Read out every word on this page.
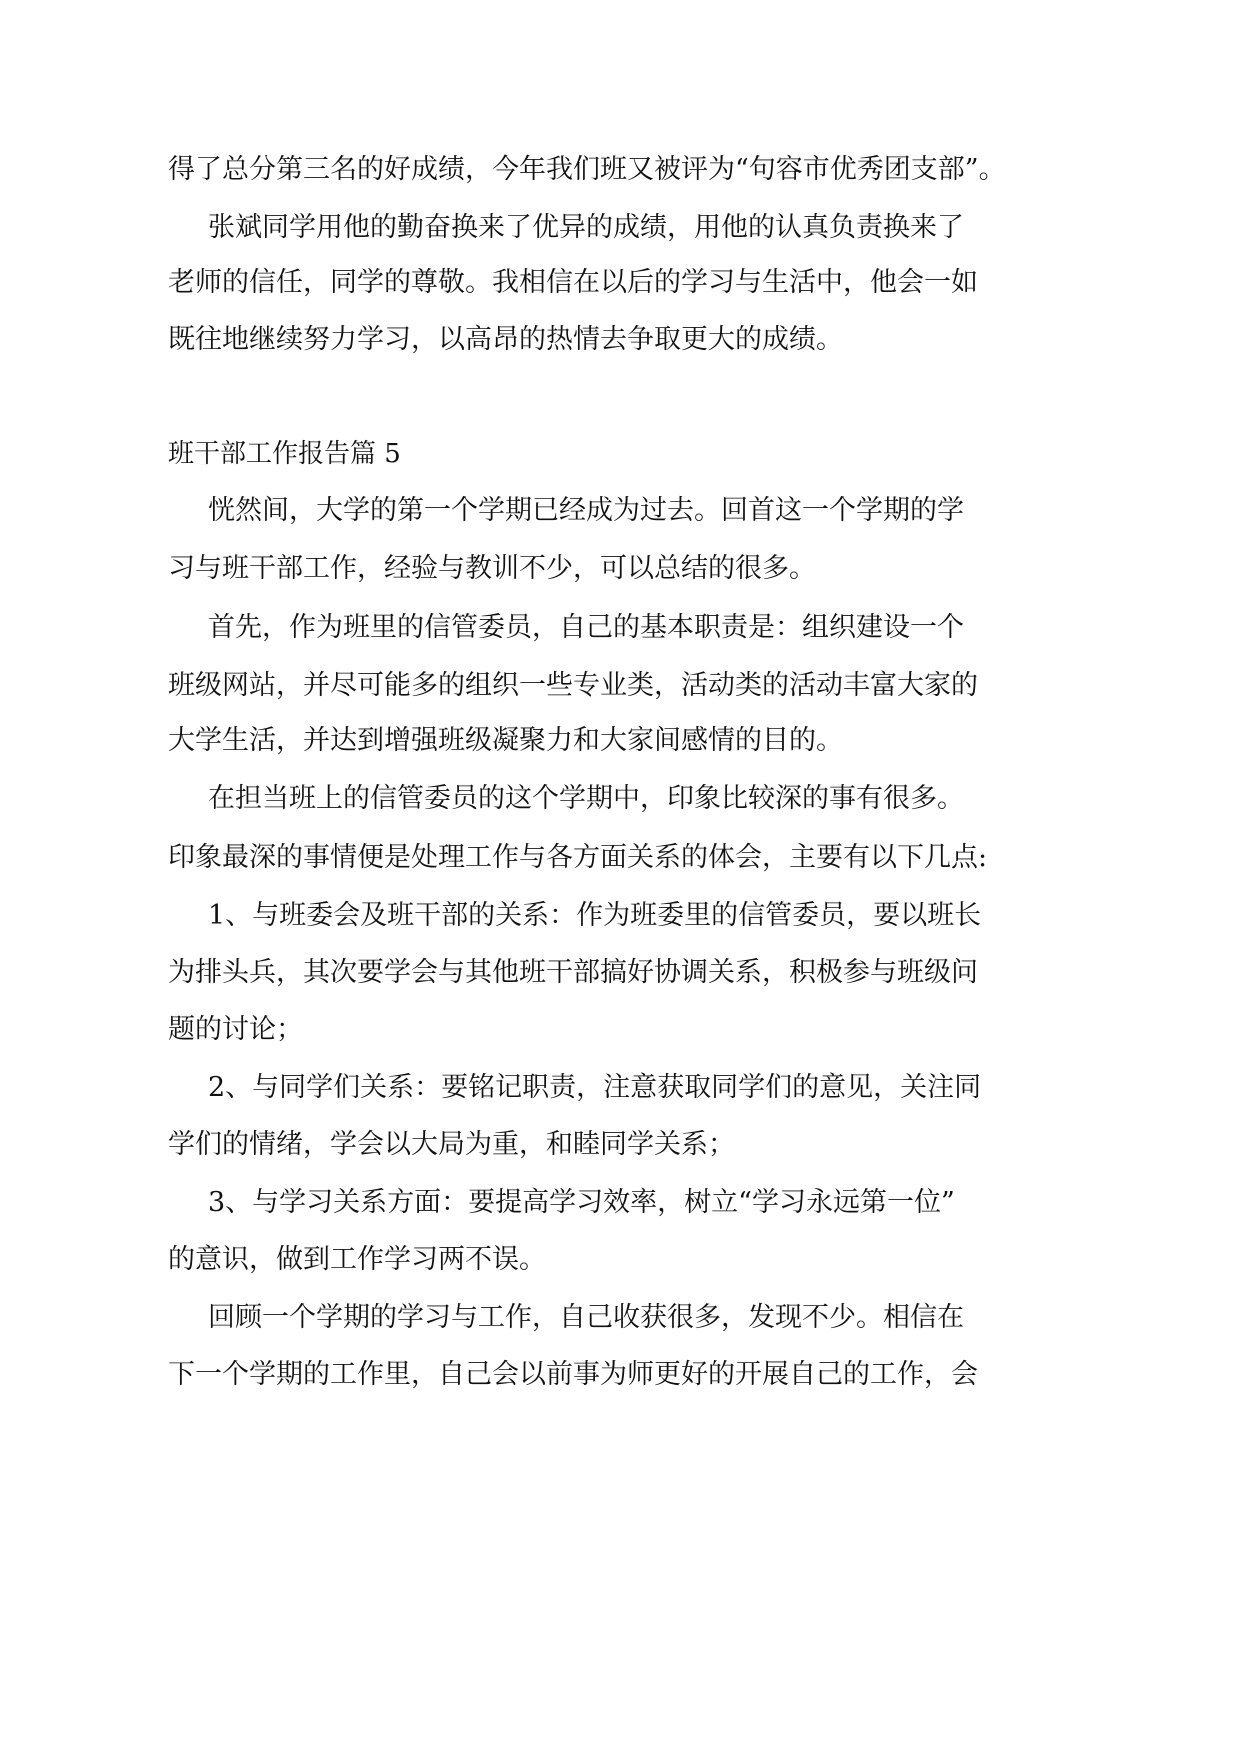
得了总分第三名的好成绩，今年我们班又被评为“句容市优秀团支部”。

张斌同学用他的勤奋换来了优异的成绩，用他的认真负责换来了

老师的信任，同学的尊敬。我相信在以后的学习与生活中，他会一如

既往地继续努力学习，以高昂的热情去争取更大的成绩。

班干部工作报告篇 5

恍然间，大学的第一个学期已经成为过去。回首这一个学期的学

习与班干部工作，经验与教训不少，可以总结的很多。

首先，作为班里的信管委员，自己的基本职责是：组织建设一个

班级网站，并尽可能多的组织一些专业类，活动类的活动丰富大家的

大学生活，并达到增强班级凝聚力和大家间感情的目的。

在担当班上的信管委员的这个学期中，印象比较深的事有很多。

印象最深的事情便是处理工作与各方面关系的体会，主要有以下几点:

1、与班委会及班干部的关系：作为班委里的信管委员，要以班长

为排头兵，其次要学会与其他班干部搞好协调关系，积极参与班级问

题的讨论；

2、与同学们关系：要铭记职责，注意获取同学们的意见，关注同

学们的情绪，学会以大局为重，和睦同学关系；

3、与学习关系方面：要提高学习效率，树立“学习永远第一位”

的意识，做到工作学习两不误。

回顾一个学期的学习与工作，自己收获很多，发现不少。相信在

下一个学期的工作里，自己会以前事为师更好的开展自己的工作，会
